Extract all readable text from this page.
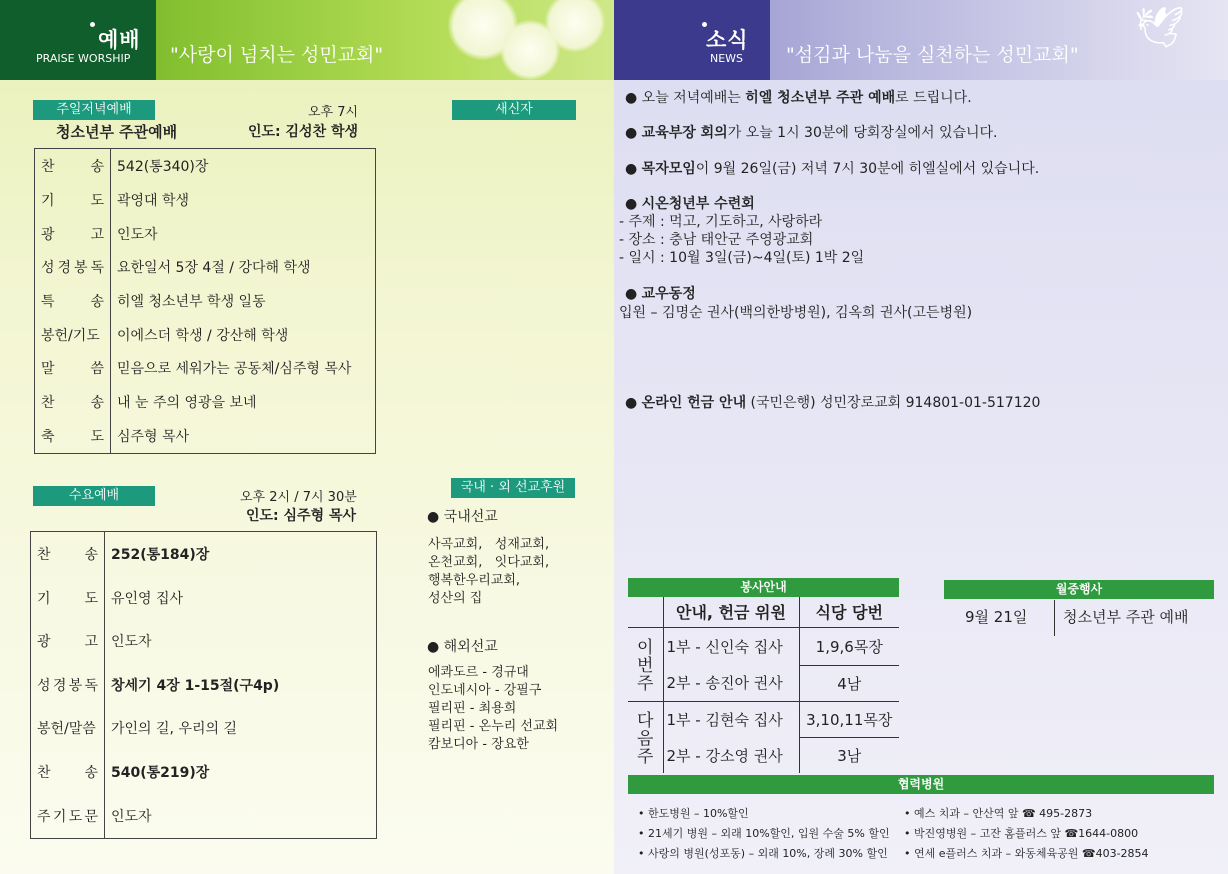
"사랑이 넘치는 성민교회"
예배
PRAISE WORSHIP
🕊
"섬김과 나눔을 실천하는 성민교회"
소식
NEWS
주일저녁예배	오후 7시
청소년부 주관예배	인도: 김성찬 학생
새신자
찬 송	542(통340)장

기 도	곽영대 학생

광 고	인도자

성 경 봉 독	요한일서 5장 4절 / 강다해 학생

특 송	히엘 청소년부 학생 일동

봉헌/기도	이에스더 학생 / 강산해 학생

말 씀	믿음으로 세워가는 공동체/심주형 목사

찬 송	내 눈 주의 영광을 보네

축 도	심주형 목사
수요예배	오후 2시 / 7시 30분
인도: 심주형 목사
찬 송	252(통184)장

기 도	유인영 집사

광 고	인도자

성 경 봉 독	창세기 4장 1-15절(구4p)

봉헌/말씀	가인의 길, 우리의 길

찬 송	540(통219)장

주 기 도 문	인도자
국내 · 외 선교후원
● 국내선교
사곡교회,   성재교회,
온천교회,   잇다교회,
행복한우리교회,
성산의 집
● 해외선교
에콰도르 - 경규대
인도네시아 - 강필구
필리핀 - 최용희
필리핀 - 온누리 선교회
캄보디아 - 장요한
● 오늘 저녁예배는 히엘 청소년부 주관 예배로 드립니다.
● 교육부장 회의가 오늘 1시 30분에 당회장실에서 있습니다.
● 목자모임이 9월 26일(금) 저녁 7시 30분에 히엘실에서 있습니다.
● 시온청년부 수련회
- 주제 : 먹고, 기도하고, 사랑하라
- 장소 : 충남 태안군 주영광교회
- 일시 : 10월 3일(금)~4일(토) 1박 2일
● 교우동정
입원 – 김명순 권사(백의한방병원), 김옥희 권사(고든병원)
● 온라인 헌금 안내 (국민은행) 성민장로교회 914801-01-517120
봉사안내
	안내, 헌금 위원	식당 당번
이번주	1부 - 신인숙 집사	1,9,6목장
	2부 - 송진아 권사	4남
다음주	1부 - 김현숙 집사	3,10,11목장
	2부 - 강소영 권사	3남
월중행사
9월 21일 청소년부 주관 예배
협력병원
• 한도병원 – 10%할인
• 21세기 병원 – 외래 10%할인, 입원 수술 5% 할인
• 사랑의 병원(성포동) – 외래 10%, 장례 30% 할인
• 예스 치과 – 안산역 앞 ☎ 495-2873
• 박진영병원 – 고잔 홈플러스 앞 ☎1644-0800
• 연세 e플러스 치과 – 와동체육공원 ☎403-2854
